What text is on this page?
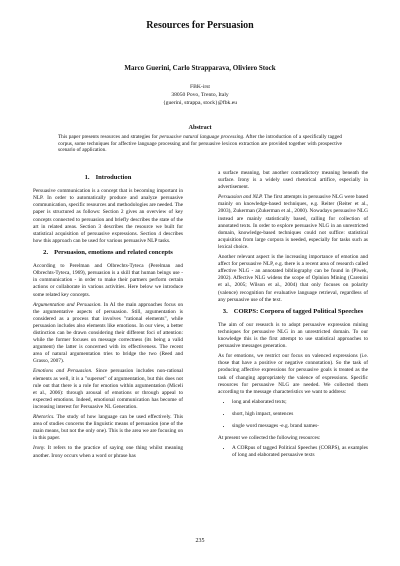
Resources for Persuasion
Marco Guerini, Carlo Strapparava, Oliviero Stock
FBK-irst
38050 Povo, Trento, Italy
{guerini, strappa, stock}@fbk.eu
Abstract
This paper presents resources and strategies for persuasive natural language processing. After the introduction of a specifically tagged corpus, some techniques for affective language processing and for persuasive lexicon extraction are provided together with prospective scenario of application.
1. Introduction

Persuasive communication is a concept that is becoming important in NLP. In order to automatically produce and analyze persuasive communication, specific resources and methodologies are needed. The paper is structured as follows: Section 2 gives an overview of key concepts connected to persuasion and briefly describes the state of the art in related areas. Section 3 describes the resource we built for statistical acquisition of persuasive expressions. Section 4 describes how this approach can be used for various persuasive NLP tasks.

2. Persuasion, emotions and related concepts

According to Perelman and Olbrechts-Tyteca (Perelman and Olbrechts-Tyteca, 1969), persuasion is a skill that human beings use - in communication - in order to make their partners perform certain actions or collaborate in various activities. Here below we introduce some related key concepts.

Argumentation and Persuasion. In AI the main approaches focus on the argumentative aspects of persuasion. Still, argumentation is considered as a process that involves "rational elements", while persuasion includes also elements like emotions. In our view, a better distinction can be drawn considering their different foci of attention: while the former focuses on message correctness (its being a valid argument) the latter is concerned with its effectiveness. The recent area of natural argumentation tries to bridge the two (Reed and Grasso, 2007).

Emotions and Persuasion. Since persuasion includes non-rational elements as well, it is a "superset" of argumentation, but this does not rule out that there is a role for emotion within argumentation (Miceli et al., 2006): through arousal of emotions or through appeal to expected emotions. Indeed, emotional communication has become of increasing interest for Persuasive NL Generation.

Rhetorics. The study of how language can be used effectively. This area of studies concerns the linguistic means of persuasion (one of the main means, but not the only one). This is the area we are focusing on in this paper.

Irony. It refers to the practice of saying one thing whilst meaning another. Irony occurs when a word or phrase has

a surface meaning, but another contradictory meaning beneath the surface. Irony is a widely used rhetorical artifice, especially in advertisement.

Persuasion and NLP. The first attempts in persuasive NLG were based mainly on knowledge-based techniques, e.g. Reiter (Reiter et al., 2003), Zukerman (Zukerman et al., 2000). Nowadays persuasive NLG instead are mainly statistically based, calling for collection of annotated texts. In order to explore persuasive NLG in an unrestricted domain, knowledge-based techniques could not suffice: statistical acquisition from large corpora is needed, especially for tasks such as lexical choice.

Another relevant aspect is the increasing importance of emotion and affect for persuasive NLP, e.g. there is a recent area of research called affective NLG - an annotated bibliography can be found in (Piwek, 2002). Affective NLG widens the scope of Opinion Mining (Carenini et al., 2005; Wilson et al., 2004) that only focuses on polarity (valence) recognition for evaluative language retrieval, regardless of any persuasive use of the text.

3. CORPS: Corpora of tagged Political Speeches

The aim of our research is to adopt persuasive expression mining techniques for persuasive NLG in an unrestricted domain. To our knowledge this is the first attempt to use statistical approaches to persuasive messages generation.

As for emotions, we restrict our focus on valenced expressions (i.e. those that have a positive or negative connotation). So the task of producing affective expressions for persuasive goals is treated as the task of changing appropriately the valence of expressions. Specific resources for persuasive NLG are needed. We collected them according to the message characteristics we want to address:

• long and elaborated texts;
• short, high impact, sentences
• single word messages -e.g. brand names-

At present we collected the following resources:

• A CORpus of tagged Political Speeches (CORPS), as examples of long and elaborated persuasive texts
235
